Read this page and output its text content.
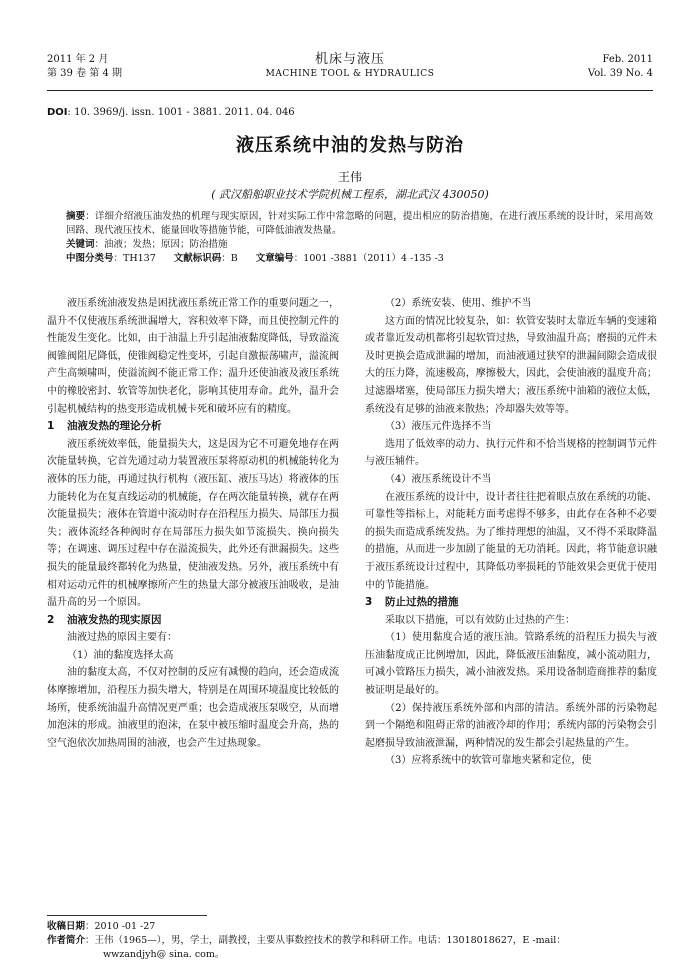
2011 年 2 月
第 39 卷 第 4 期
机床与液压
MACHINE TOOL & HYDRAULICS
Feb. 2011
Vol. 39 No. 4
DOI: 10. 3969/j. issn. 1001 - 3881. 2011. 04. 046
液压系统中油的发热与防治
王伟
( 武汉船舶职业技术学院机械工程系，湖北武汉 430050)

摘要：详细介绍液压油发热的机理与现实原因，针对实际工作中常忽略的问题，提出相应的防治措施，在进行液压系统的设计时，采用高效回路、现代液压技术、能量回收等措施节能，可降低油液发热量。

关键词：油液；发热；原因；防治措施

中图分类号：TH137 文献标识码：B 文章编号：1001 -3881（2011）4 -135 -3

液压系统油液发热是困扰液压系统正常工作的重要问题之一，温升不仅使液压系统泄漏增大，容积效率下降，而且使控制元件的性能发生变化。比如，由于油温上升引起油液黏度降低，导致溢流阀锥阀阻尼降低，使锥阀稳定性变坏，引起自激振荡啸声，溢流阀产生高频啸叫，使溢流阀不能正常工作；温升还使油液及液压系统中的橡胶密封、软管等加快老化，影响其使用寿命。此外，温升会引起机械结构的热变形造成机械卡死和破坏应有的精度。

1 油液发热的理论分析

液压系统效率低，能量损失大，这是因为它不可避免地存在两次能量转换，它首先通过动力装置液压泵将原动机的机械能转化为液体的压力能，再通过执行机构（液压缸、液压马达）将液体的压力能转化为在复直线运动的机械能，存在两次能量转换，就存在两次能量损失；液体在管道中流动时存在沿程压力损失、局部压力损失；液体流经各种阀时存在局部压力损失如节流损失、换向损失等；在调速、调压过程中存在溢流损失，此外还有泄漏损失。这些损失的能量最终都转化为热量，使油液发热。另外，液压系统中有相对运动元件的机械摩擦所产生的热量大部分被液压油吸收，是油温升高的另一个原因。

2 油液发热的现实原因

油液过热的原因主要有：

（1）油的黏度选择太高

油的黏度太高，不仅对控制的反应有减慢的趋向，还会造成流体摩擦增加，沿程压力损失增大，特别是在周围环境温度比较低的场所，使系统油温升高情况更严重；也会造成液压泵吸空，从而增加泡沫的形成。油液里的泡沫，在泵中被压缩时温度会升高，热的空气泡依次加热周围的油液，也会产生过热现象。

（2）系统安装、使用、维护不当

这方面的情况比较复杂，如：软管安装时太靠近车辆的变速箱或者靠近发动机都将引起软管过热，导致油温升高；磨损的元件未及时更换会造成泄漏的增加，而油液通过狭窄的泄漏间隙会造成很大的压力降，流速极高，摩擦极大，因此，会使油液的温度升高；过滤器堵塞，使局部压力损失增大；液压系统中油箱的液位太低，系统没有足够的油液来散热；冷却器失效等等。

（3）液压元件选择不当

选用了低效率的动力、执行元件和不恰当规格的控制调节元件与液压辅件。

（4）液压系统设计不当

在液压系统的设计中，设计者往往把着眼点放在系统的功能、可靠性等指标上，对能耗方面考虑得不够多，由此存在各种不必要的损失而造成系统发热。为了维持理想的油温，又不得不采取降温的措施，从而进一步加剧了能量的无功消耗。因此，将节能意识融于液压系统设计过程中，其降低功率损耗的节能效果会更优于使用中的节能措施。

3 防止过热的措施

采取以下措施，可以有效防止过热的产生：

（1）使用黏度合适的液压油。管路系统的沿程压力损失与液压油黏度成正比例增加，因此，降低液压油黏度，减小流动阻力，可减小管路压力损失，减小油液发热。采用设备制造商推荐的黏度被证明是最好的。

（2）保持液压系统外部和内部的清洁。系统外部的污染物起到一个隔绝和阻碍正常的油液冷却的作用；系统内部的污染物会引起磨损导致油液泄漏，两种情况的发生都会引起热量的产生。

（3）应将系统中的软管可靠地夹紧和定位，使

收稿日期：2010 -01 -27

作者简介：王伟（1965—），男，学士，副教授，主要从事数控技术的教学和科研工作。电话：13018018627，E -mail：

wwzandjyh@ sina. com。
